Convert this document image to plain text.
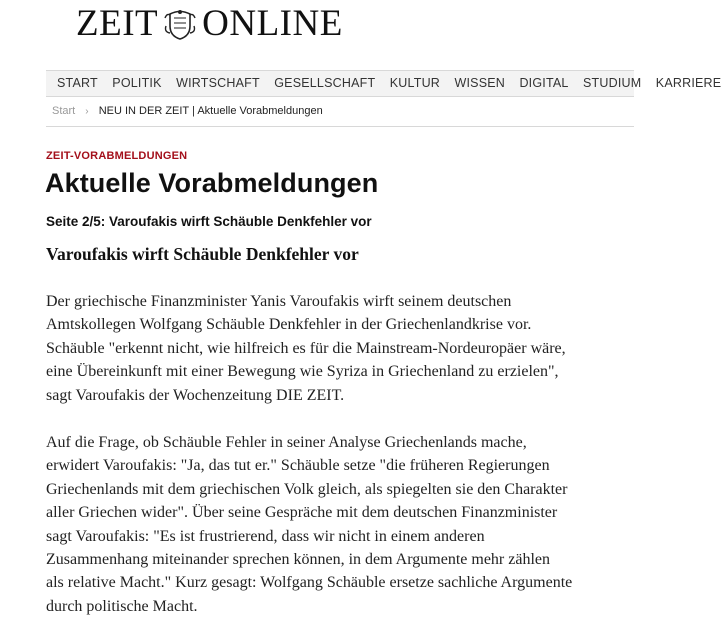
ZEIT ONLINE
START POLITIK WIRTSCHAFT GESELLSCHAFT KULTUR WISSEN DIGITAL STUDIUM KARRIERE
Start › NEU IN DER ZEIT | Aktuelle Vorabmeldungen
ZEIT-VORABMELDUNGEN
Aktuelle Vorabmeldungen
Seite 2/5: Varoufakis wirft Schäuble Denkfehler vor
Varoufakis wirft Schäuble Denkfehler vor
Der griechische Finanzminister Yanis Varoufakis wirft seinem deutschen
Amtskollegen Wolfgang Schäuble Denkfehler in der Griechenlandkrise vor.
Schäuble "erkennt nicht, wie hilfreich es für die Mainstream-Nordeuropäer wäre,
eine Übereinkunft mit einer Bewegung wie Syriza in Griechenland zu erzielen",
sagt Varoufakis der Wochenzeitung DIE ZEIT.
Auf die Frage, ob Schäuble Fehler in seiner Analyse Griechenlands mache,
erwidert Varoufakis: "Ja, das tut er." Schäuble setze "die früheren Regierungen
Griechenlands mit dem griechischen Volk gleich, als spiegelten sie den Charakter
aller Griechen wider". Über seine Gespräche mit dem deutschen Finanzminister
sagt Varoufakis: "Es ist frustrierend, dass wir nicht in einem anderen
Zusammenhang miteinander sprechen können, in dem Argumente mehr zählen
als relative Macht." Kurz gesagt: Wolfgang Schäuble ersetze sachliche Argumente
durch politische Macht.
